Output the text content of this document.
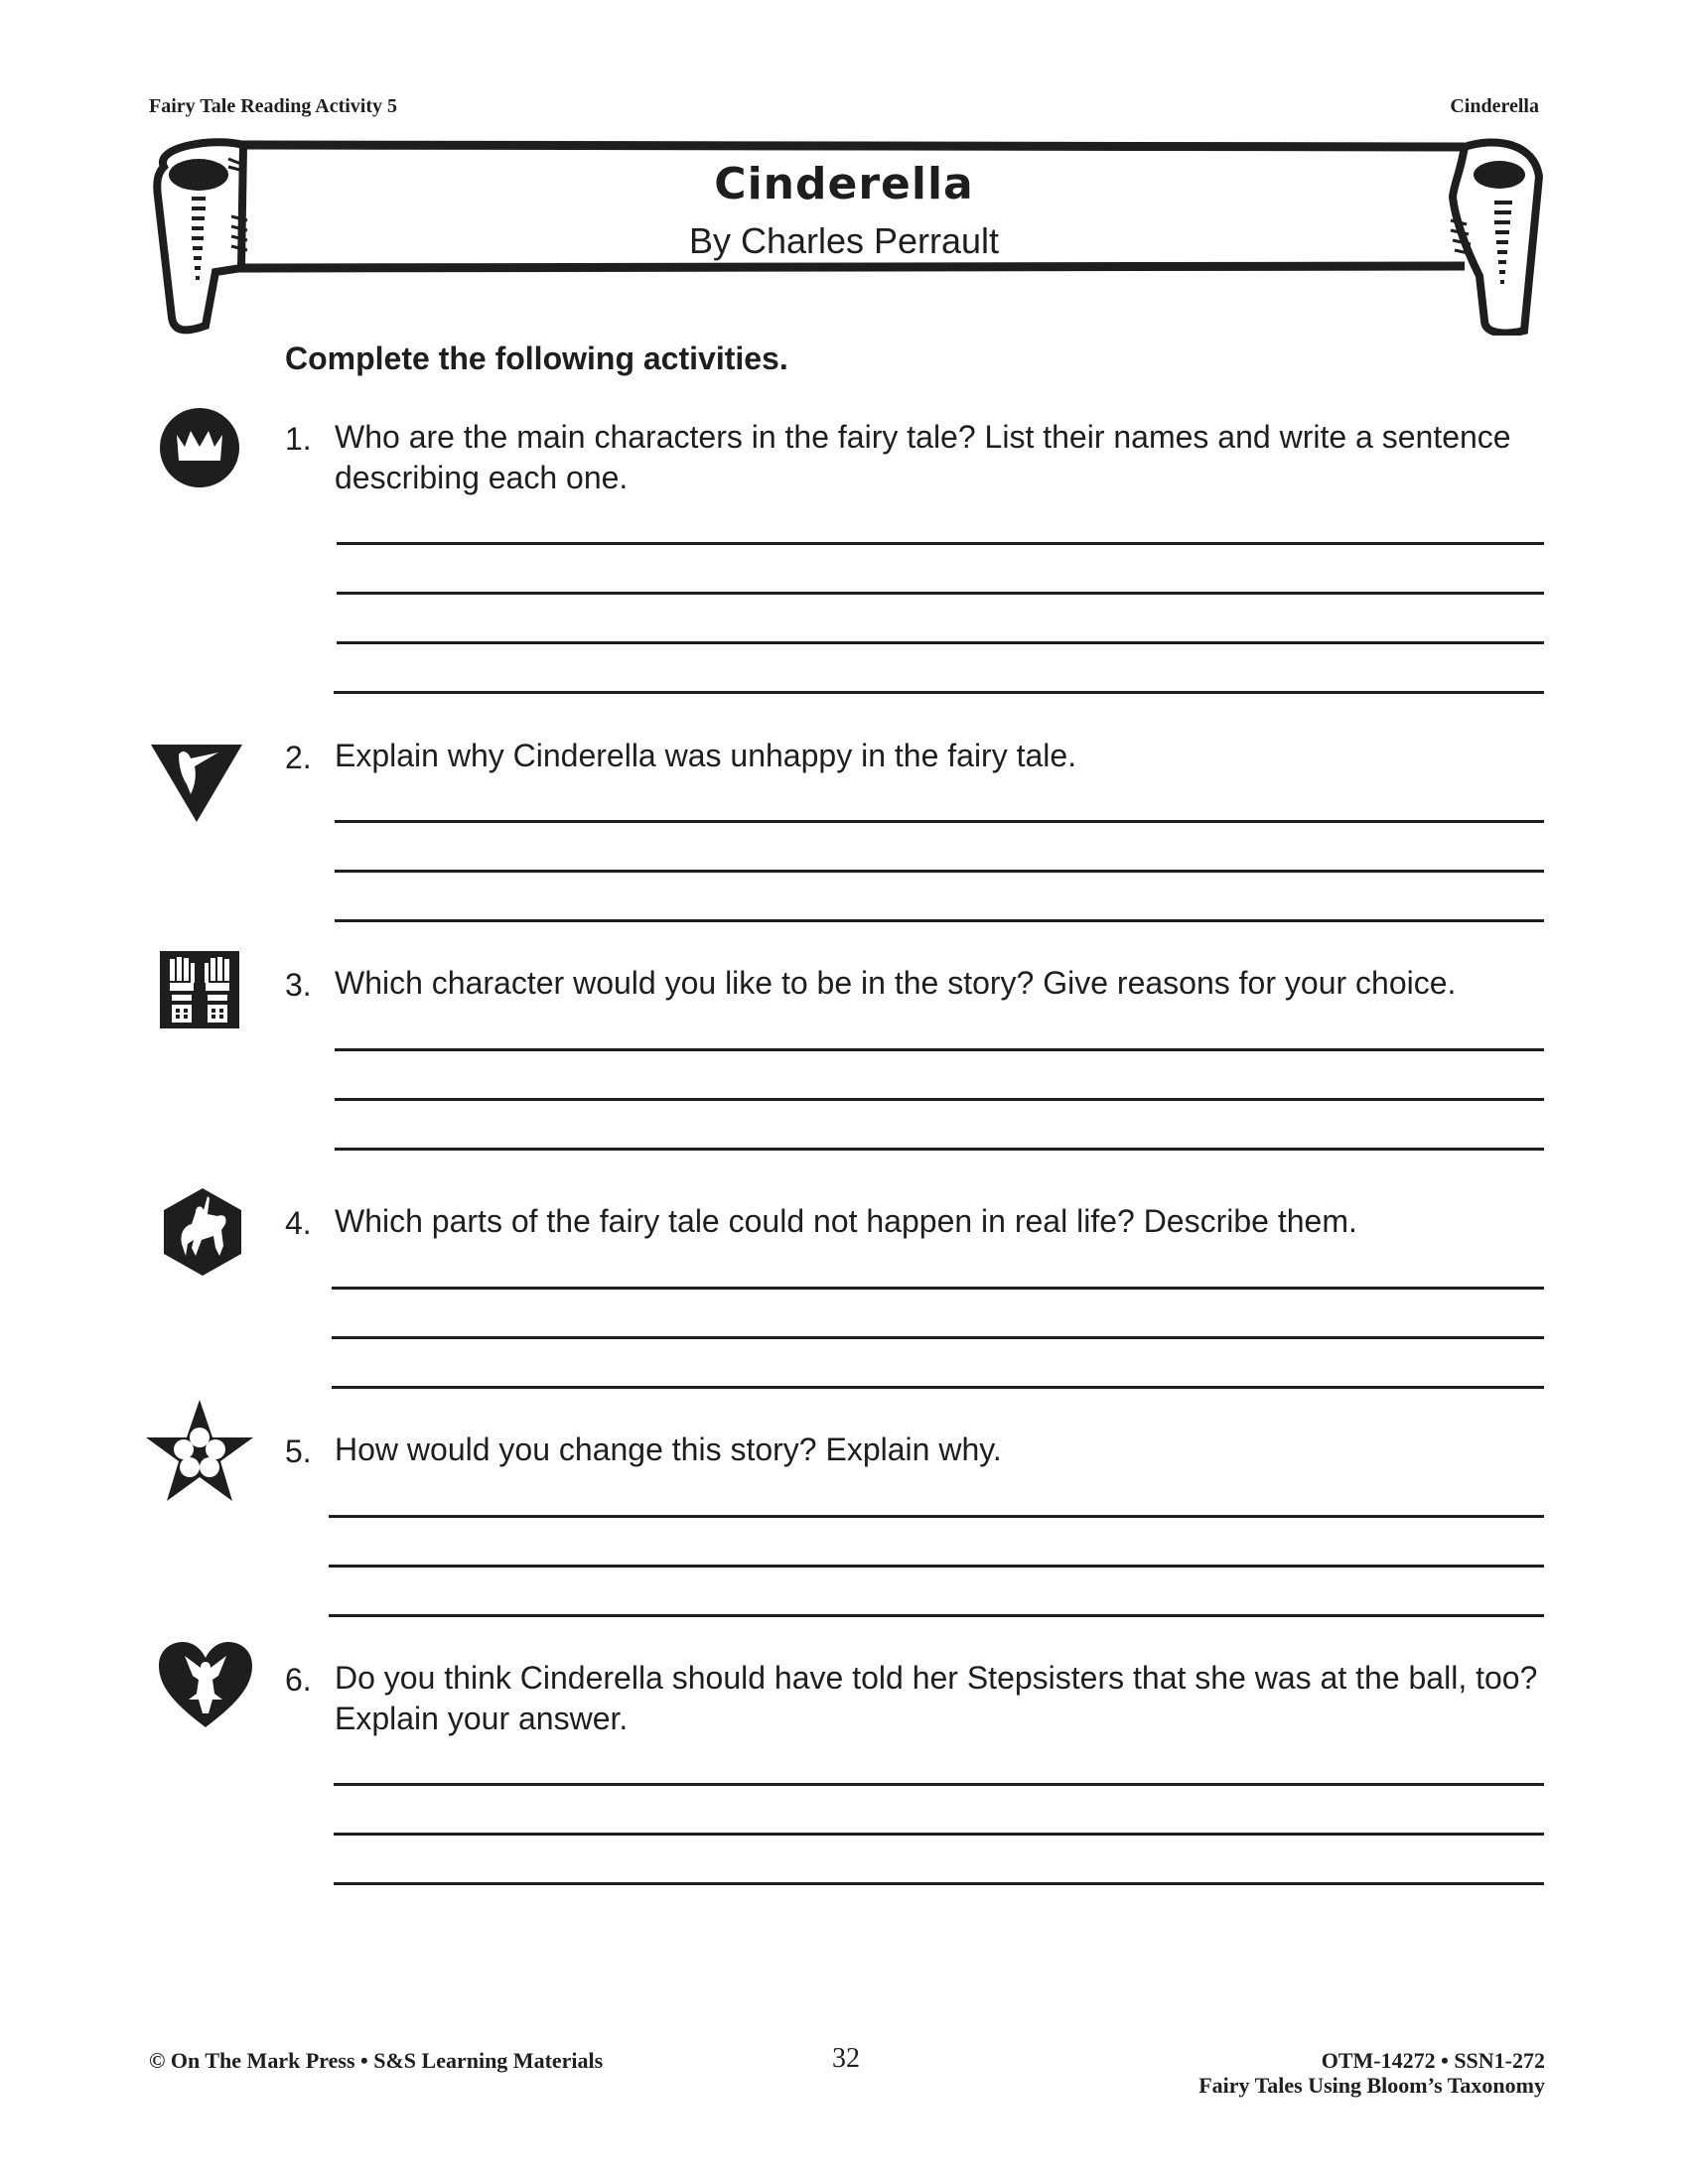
Fairy Tale Reading Activity 5	Cinderella
Cinderella
By Charles Perrault
Complete the following activities.
1. Who are the main characters in the fairy tale? List their names and write a sentence describing each one.
2. Explain why Cinderella was unhappy in the fairy tale.
3. Which character would you like to be in the story? Give reasons for your choice.
4. Which parts of the fairy tale could not happen in real life? Describe them.
5. How would you change this story? Explain why.
6. Do you think Cinderella should have told her Stepsisters that she was at the ball, too? Explain your answer.
© On The Mark Press • S&S Learning Materials	32	OTM-14272 • SSN1-272
Fairy Tales Using Bloom’s Taxonomy
